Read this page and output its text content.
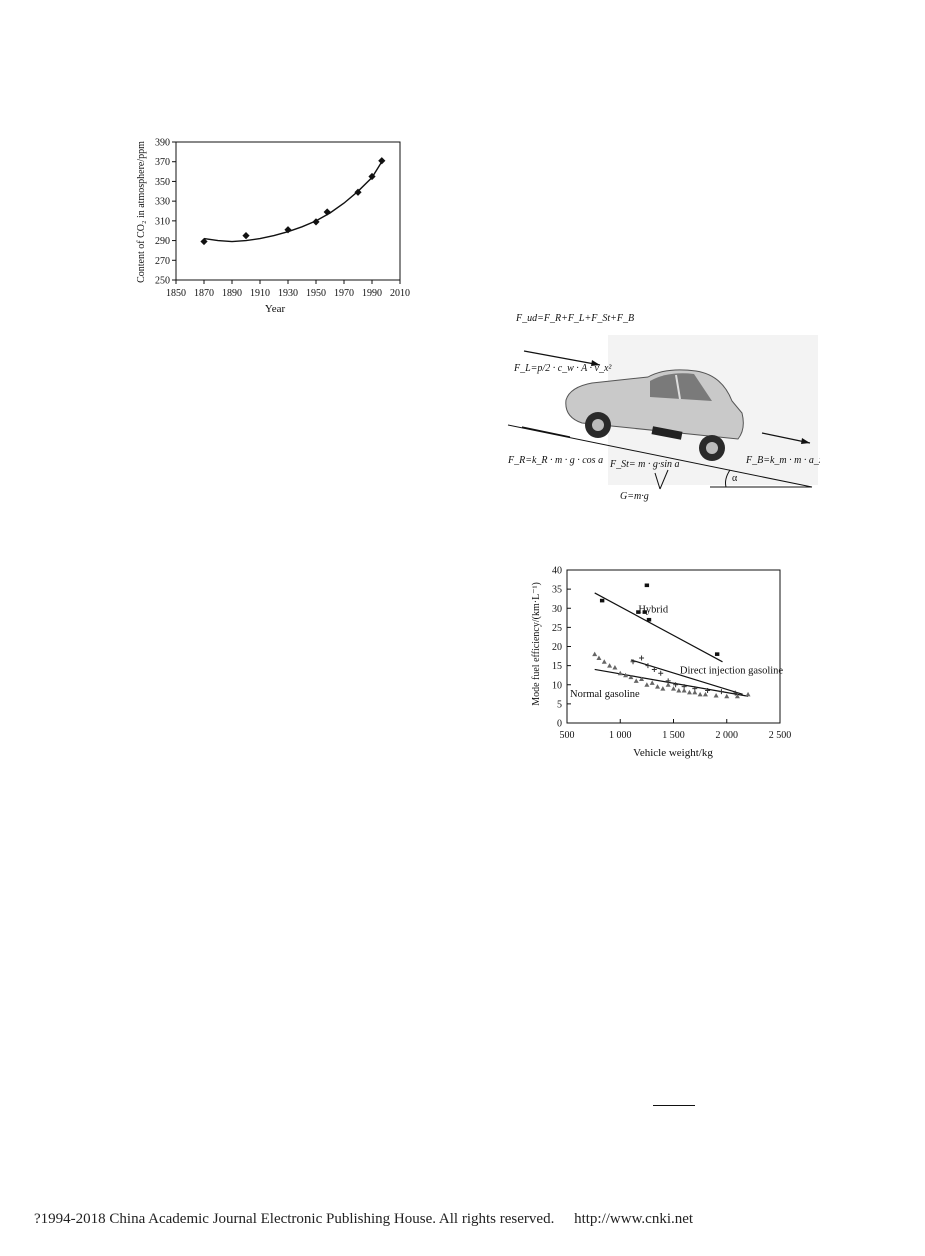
1850 1870 1890 1910 1930 1950 1970 1990 2010
250
270
290
310
330
350
370
390
Year
Content of CO₂ in atmosphere/ppm
F_ud=F_R+F_L+F_St+F_B
α
F_L=p/2 · c_w · A · v_x²
F_R=k_R · m · g · cos a F_St= m · g·sin a
G=m·g
F_B=k_m · m · a_x
500	1 000	1 500	2 000	2 500
0
5
10
15
20
25
30
35
40
Hybrid
Direct injection gasoline
Normal gasoline
Vehicle weight/kg
Mode fuel efficiency/(km·L⁻¹)
?1994-2018 China Academic Journal Electronic Publishing House. All rights reserved. http://www.cnki.net
